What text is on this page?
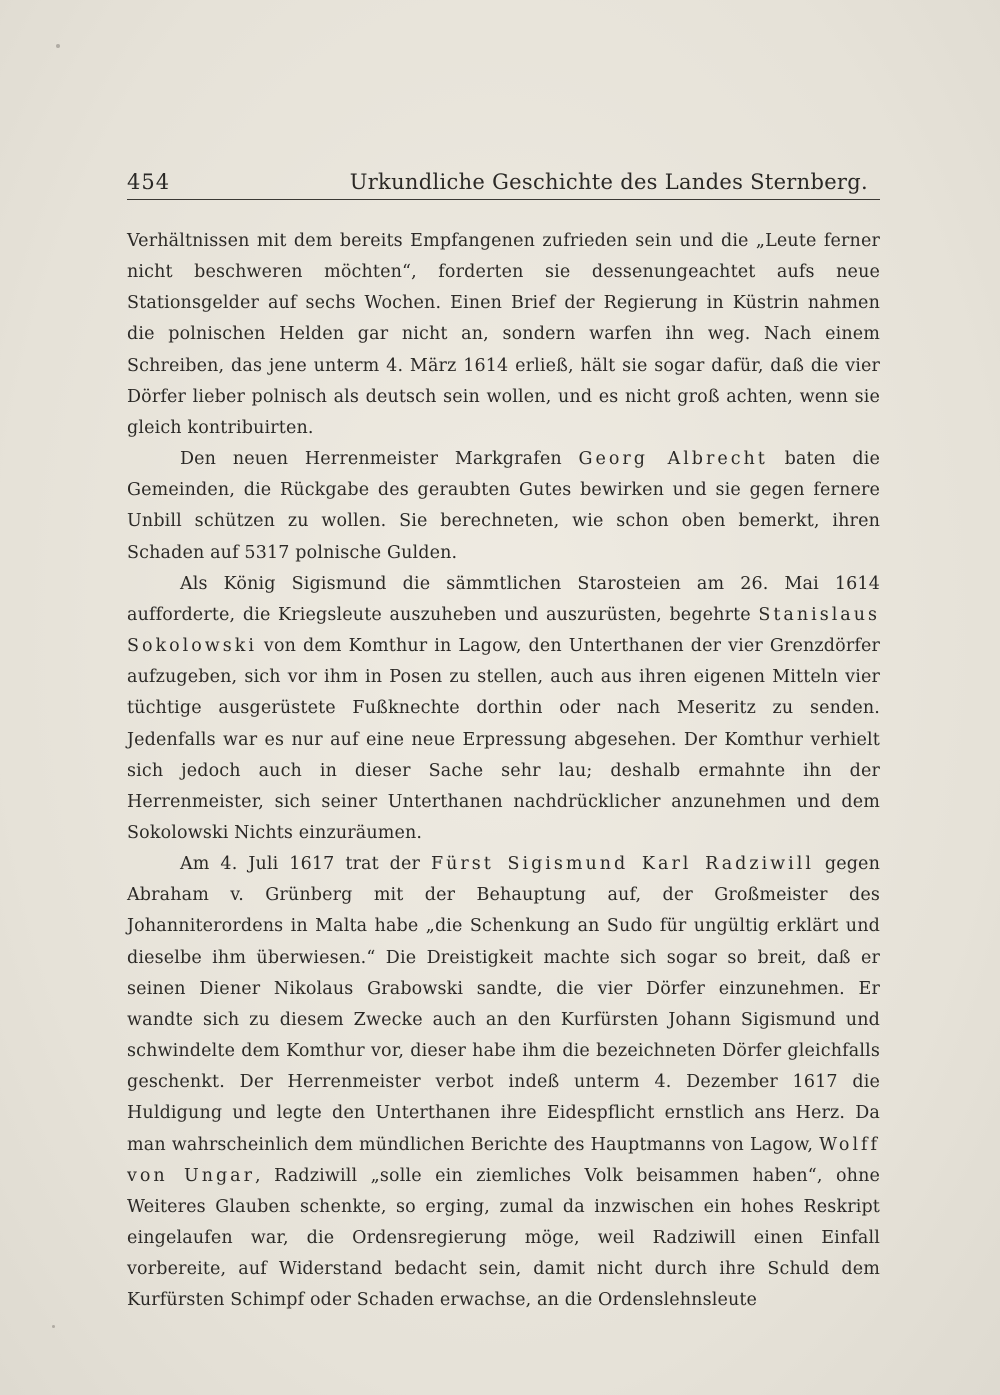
454	Urkundliche Geschichte des Landes Sternberg.

Verhältnissen mit dem bereits Empfangenen zufrieden sein und die „Leute ferner nicht beschweren möchten“, forderten sie dessenungeachtet aufs neue Stationsgelder auf sechs Wochen. Einen Brief der Regierung in Küstrin nahmen die polnischen Helden gar nicht an, sondern warfen ihn weg. Nach einem Schreiben, das jene unterm 4. März 1614 erließ, hält sie sogar dafür, daß die vier Dörfer lieber polnisch als deutsch sein wollen, und es nicht groß achten, wenn sie gleich kontribuirten.

Den neuen Herrenmeister Markgrafen Georg Albrecht baten die Gemeinden, die Rückgabe des geraubten Gutes bewirken und sie gegen fernere Unbill schützen zu wollen. Sie berechneten, wie schon oben bemerkt, ihren Schaden auf 5317 polnische Gulden.

Als König Sigismund die sämmtlichen Starosteien am 26. Mai 1614 aufforderte, die Kriegsleute auszuheben und auszurüsten, begehrte Stanislaus Sokolowski von dem Komthur in Lagow, den Unterthanen der vier Grenzdörfer aufzugeben, sich vor ihm in Posen zu stellen, auch aus ihren eigenen Mitteln vier tüchtige ausgerüstete Fußknechte dorthin oder nach Meseritz zu senden. Jedenfalls war es nur auf eine neue Erpressung abgesehen. Der Komthur verhielt sich jedoch auch in dieser Sache sehr lau; deshalb ermahnte ihn der Herrenmeister, sich seiner Unterthanen nachdrücklicher anzunehmen und dem Sokolowski Nichts einzuräumen.

Am 4. Juli 1617 trat der Fürst Sigismund Karl Radziwill gegen Abraham v. Grünberg mit der Behauptung auf, der Großmeister des Johanniterordens in Malta habe „die Schenkung an Sudo für ungültig erklärt und dieselbe ihm überwiesen.“ Die Dreistigkeit machte sich sogar so breit, daß er seinen Diener Nikolaus Grabowski sandte, die vier Dörfer einzunehmen. Er wandte sich zu diesem Zwecke auch an den Kurfürsten Johann Sigismund und schwindelte dem Komthur vor, dieser habe ihm die bezeichneten Dörfer gleichfalls geschenkt. Der Herrenmeister verbot indeß unterm 4. Dezember 1617 die Huldigung und legte den Unterthanen ihre Eidespflicht ernstlich ans Herz. Da man wahrscheinlich dem mündlichen Berichte des Hauptmanns von Lagow, Wolff von Ungar, Radziwill „solle ein ziemliches Volk beisammen haben“, ohne Weiteres Glauben schenkte, so erging, zumal da inzwischen ein hohes Reskript eingelaufen war, die Ordensregierung möge, weil Radziwill einen Einfall vorbereite, auf Widerstand bedacht sein, damit nicht durch ihre Schuld dem Kurfürsten Schimpf oder Schaden erwachse, an die Ordenslehnsleute
